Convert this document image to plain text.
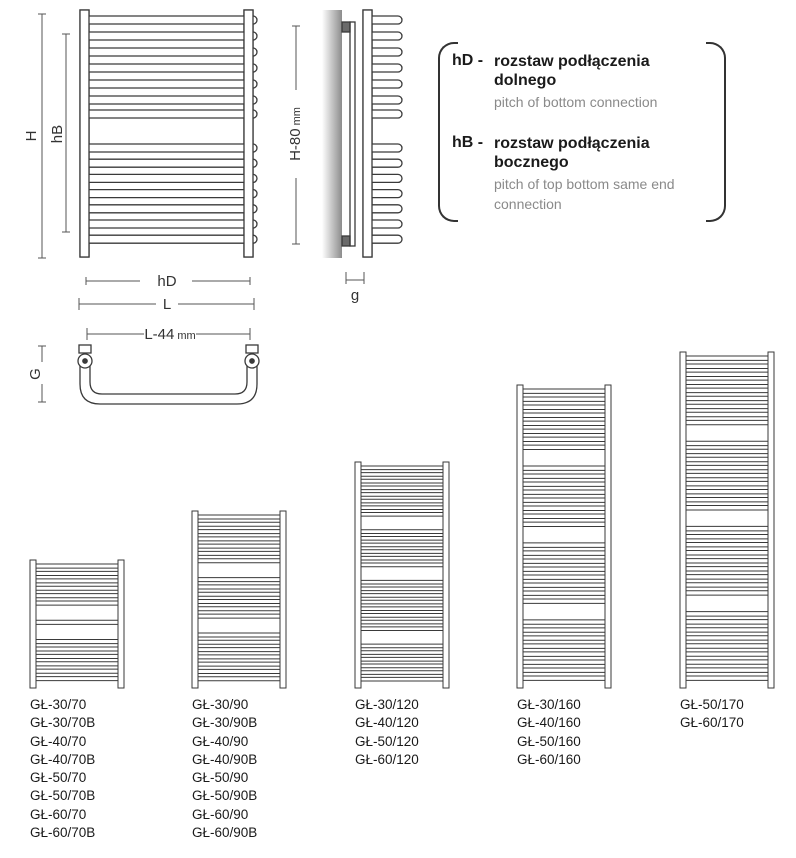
H hB
hD
L
H-80mm
g
L-44 mm
G
hD - rozstaw podłączenia
dolnego
pitch of bottom connection
hB - rozstaw podłączenia
bocznego
pitch of top bottom same end
connection
GŁ-30/70
GŁ-30/70B
GŁ-40/70
GŁ-40/70B
GŁ-50/70
GŁ-50/70B
GŁ-60/70
GŁ-60/70B
GŁ-30/90
GŁ-30/90B
GŁ-40/90
GŁ-40/90B
GŁ-50/90
GŁ-50/90B
GŁ-60/90
GŁ-60/90B
GŁ-30/120
GŁ-40/120
GŁ-50/120
GŁ-60/120
GŁ-30/160
GŁ-40/160
GŁ-50/160
GŁ-60/160
GŁ-50/170
GŁ-60/170
